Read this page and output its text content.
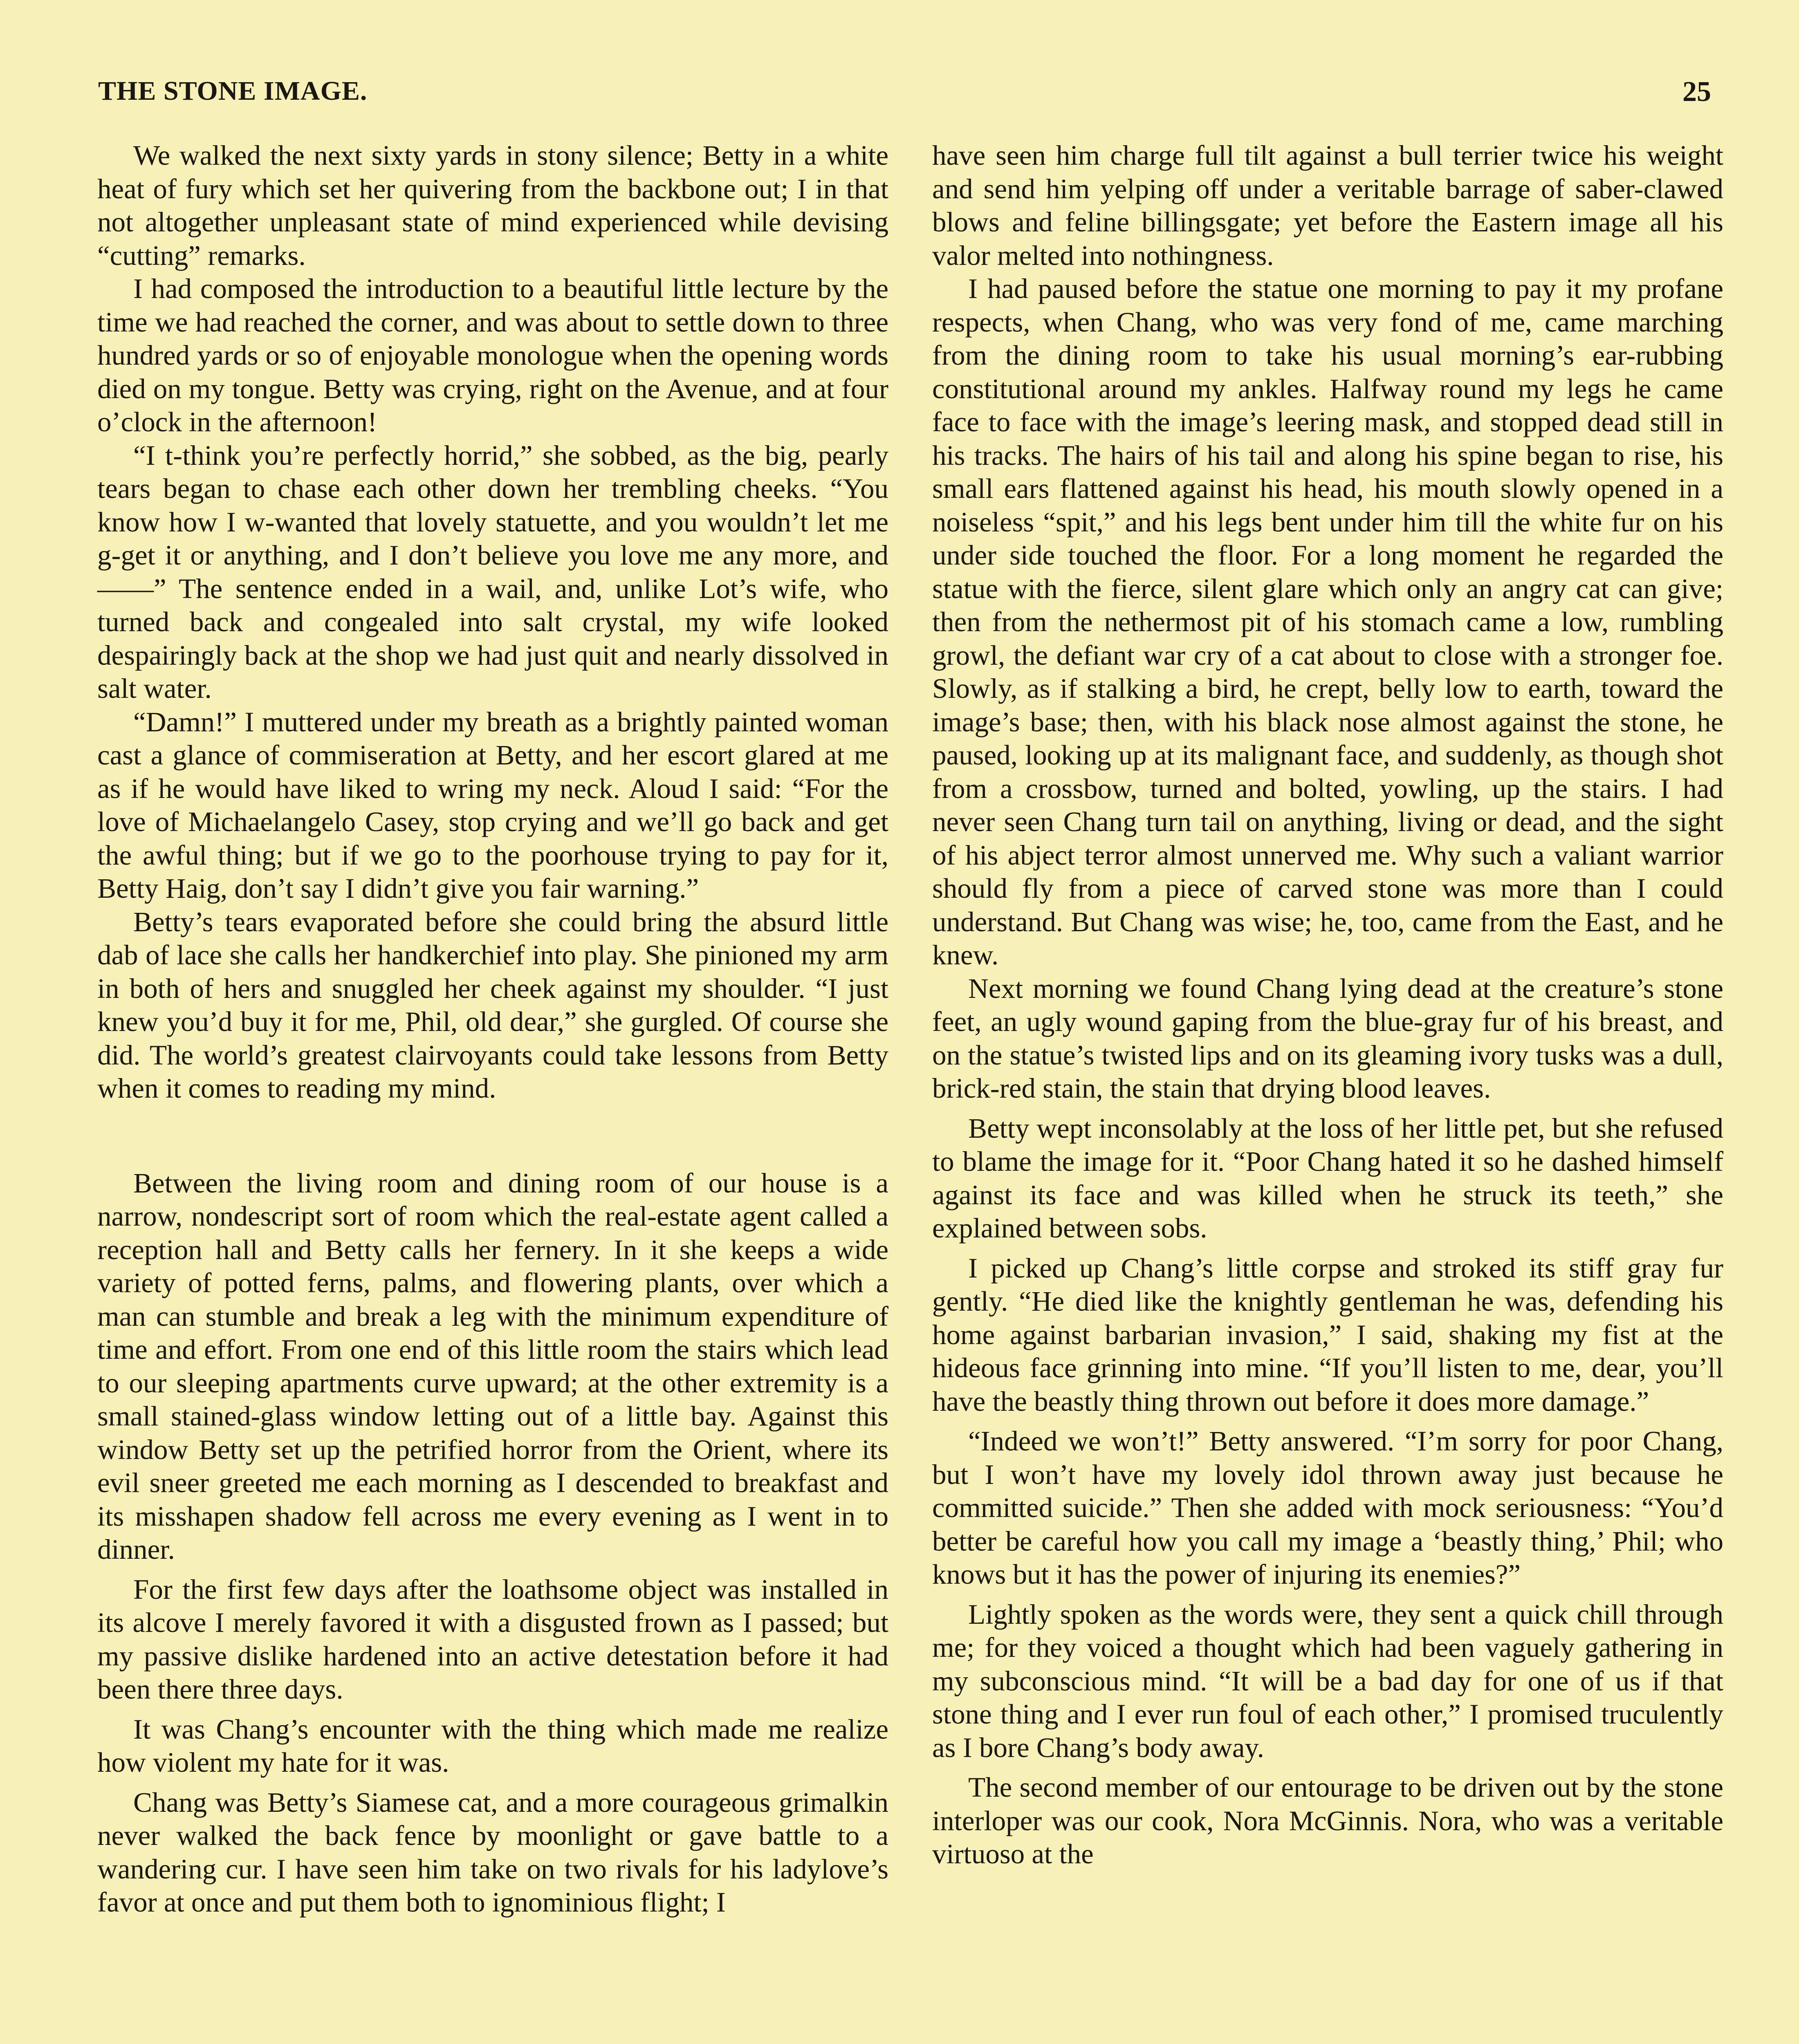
THE STONE IMAGE.	25

We walked the next sixty yards in stony silence; Betty in a white heat of fury which set her quivering from the backbone out; I in that not altogether unpleasant state of mind experienced while devising “cutting” remarks.

I had composed the introduction to a beautiful little lecture by the time we had reached the corner, and was about to settle down to three hundred yards or so of enjoyable monologue when the opening words died on my tongue. Betty was crying, right on the Avenue, and at four o’clock in the afternoon!

“I t-think you’re perfectly horrid,” she sobbed, as the big, pearly tears began to chase each other down her trembling cheeks. “You know how I w-wanted that lovely statuette, and you wouldn’t let me g-get it or anything, and I don’t believe you love me any more, and——” The sentence ended in a wail, and, unlike Lot’s wife, who turned back and congealed into salt crystal, my wife looked despairingly back at the shop we had just quit and nearly dissolved in salt water.

“Damn!” I muttered under my breath as a brightly painted woman cast a glance of commiseration at Betty, and her escort glared at me as if he would have liked to wring my neck. Aloud I said: “For the love of Michaelangelo Casey, stop crying and we’ll go back and get the awful thing; but if we go to the poorhouse trying to pay for it, Betty Haig, don’t say I didn’t give you fair warning.”

Betty’s tears evaporated before she could bring the absurd little dab of lace she calls her handkerchief into play. She pinioned my arm in both of hers and snuggled her cheek against my shoulder. “I just knew you’d buy it for me, Phil, old dear,” she gurgled. Of course she did. The world’s greatest clairvoyants could take lessons from Betty when it comes to reading my mind.

Between the living room and dining room of our house is a narrow, nondescript sort of room which the real-estate agent called a reception hall and Betty calls her fernery. In it she keeps a wide variety of potted ferns, palms, and flowering plants, over which a man can stumble and break a leg with the minimum expenditure of time and effort. From one end of this little room the stairs which lead to our sleeping apartments curve upward; at the other extremity is a small stained-glass window letting out of a little bay. Against this window Betty set up the petrified horror from the Orient, where its evil sneer greeted me each morning as I descended to breakfast and its misshapen shadow fell across me every evening as I went in to dinner.

For the first few days after the loathsome object was installed in its alcove I merely favored it with a disgusted frown as I passed; but my passive dislike hardened into an active detestation before it had been there three days.

It was Chang’s encounter with the thing which made me realize how violent my hate for it was.

Chang was Betty’s Siamese cat, and a more courageous grimalkin never walked the back fence by moonlight or gave battle to a wandering cur. I have seen him take on two rivals for his ladylove’s favor at once and put them both to ignominious flight; I

have seen him charge full tilt against a bull terrier twice his weight and send him yelping off under a veritable barrage of saber-clawed blows and feline billingsgate; yet before the Eastern image all his valor melted into nothingness.

I had paused before the statue one morning to pay it my profane respects, when Chang, who was very fond of me, came marching from the dining room to take his usual morning’s ear-rubbing constitutional around my ankles. Halfway round my legs he came face to face with the image’s leering mask, and stopped dead still in his tracks. The hairs of his tail and along his spine began to rise, his small ears flattened against his head, his mouth slowly opened in a noiseless “spit,” and his legs bent under him till the white fur on his under side touched the floor. For a long moment he regarded the statue with the fierce, silent glare which only an angry cat can give; then from the nethermost pit of his stomach came a low, rumbling growl, the defiant war cry of a cat about to close with a stronger foe. Slowly, as if stalking a bird, he crept, belly low to earth, toward the image’s base; then, with his black nose almost against the stone, he paused, looking up at its malignant face, and suddenly, as though shot from a crossbow, turned and bolted, yowling, up the stairs. I had never seen Chang turn tail on anything, living or dead, and the sight of his abject terror almost unnerved me. Why such a valiant warrior should fly from a piece of carved stone was more than I could understand. But Chang was wise; he, too, came from the East, and he knew.

Next morning we found Chang lying dead at the creature’s stone feet, an ugly wound gaping from the blue-gray fur of his breast, and on the statue’s twisted lips and on its gleaming ivory tusks was a dull, brick-red stain, the stain that drying blood leaves.

Betty wept inconsolably at the loss of her little pet, but she refused to blame the image for it. “Poor Chang hated it so he dashed himself against its face and was killed when he struck its teeth,” she explained between sobs.

I picked up Chang’s little corpse and stroked its stiff gray fur gently. “He died like the knightly gentleman he was, defending his home against barbarian invasion,” I said, shaking my fist at the hideous face grinning into mine. “If you’ll listen to me, dear, you’ll have the beastly thing thrown out before it does more damage.”

“Indeed we won’t!” Betty answered. “I’m sorry for poor Chang, but I won’t have my lovely idol thrown away just because he committed suicide.” Then she added with mock seriousness: “You’d better be careful how you call my image a ‘beastly thing,’ Phil; who knows but it has the power of injuring its enemies?”

Lightly spoken as the words were, they sent a quick chill through me; for they voiced a thought which had been vaguely gathering in my subconscious mind. “It will be a bad day for one of us if that stone thing and I ever run foul of each other,” I promised truculently as I bore Chang’s body away.

The second member of our entourage to be driven out by the stone interloper was our cook, Nora McGinnis. Nora, who was a veritable virtuoso at the
